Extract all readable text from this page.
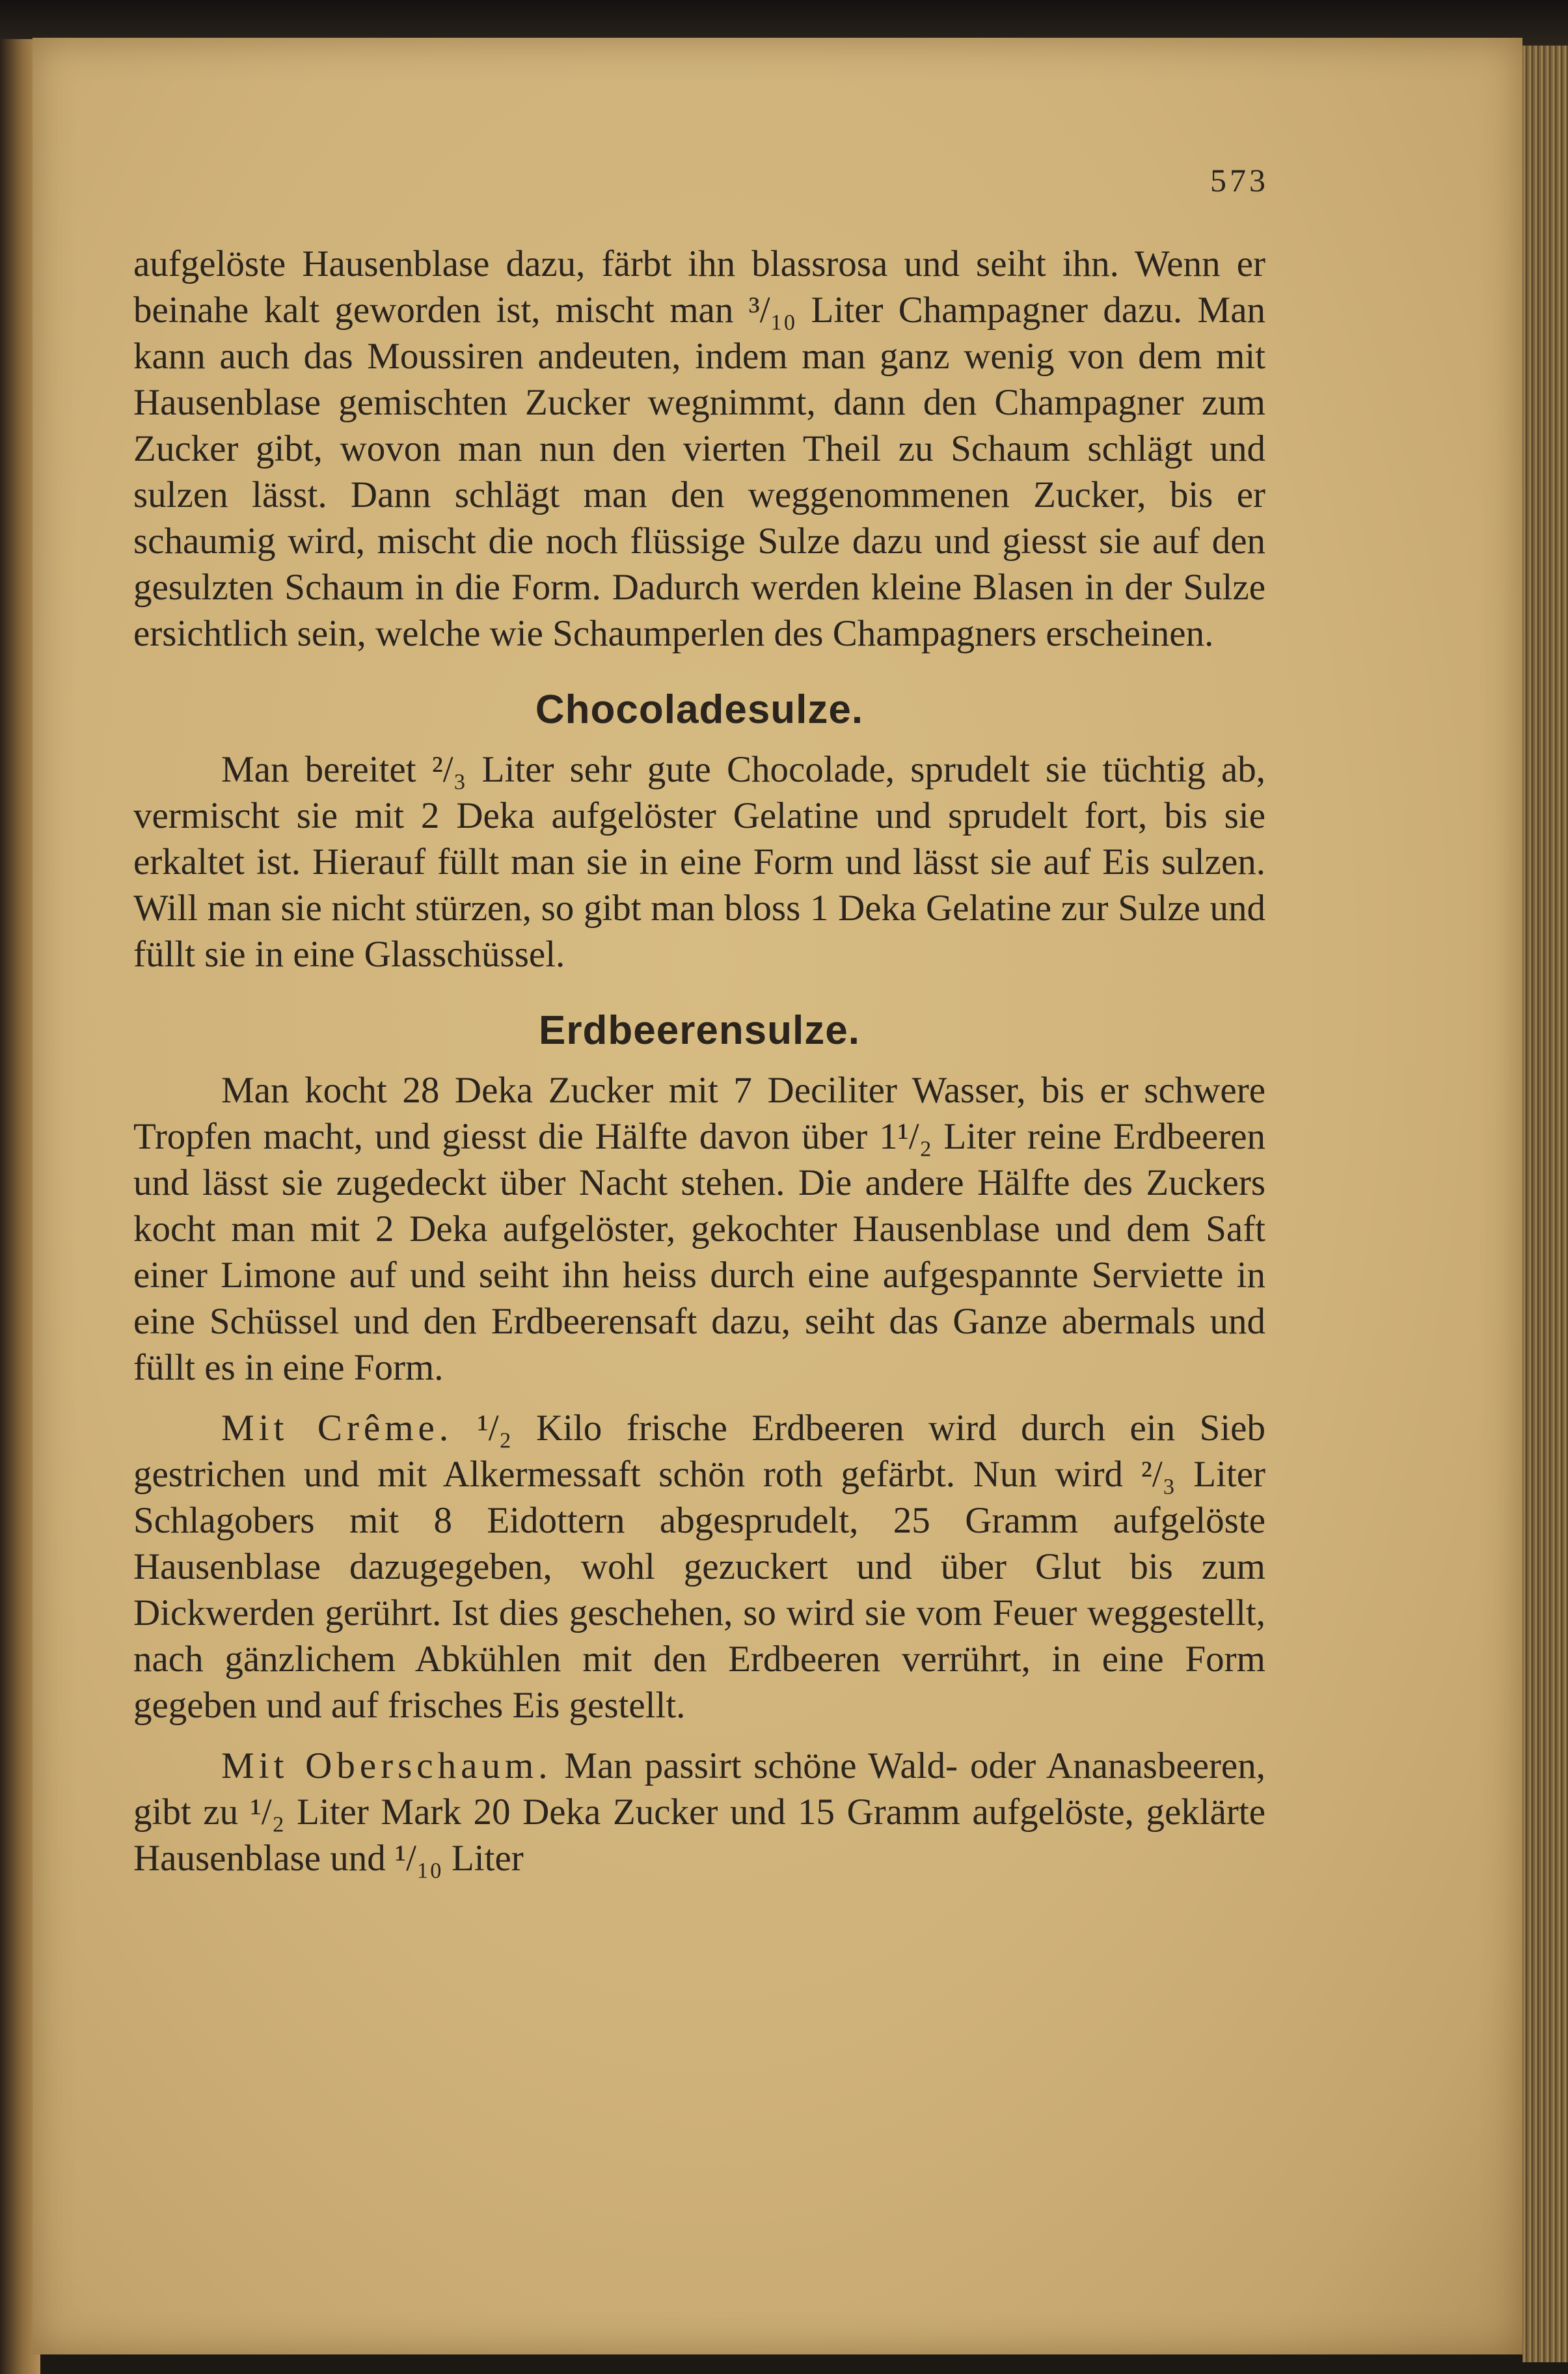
573

aufgelöste Hausenblase dazu, färbt ihn blassrosa und seiht ihn. Wenn er beinahe kalt geworden ist, mischt man ³/₁₀ Liter Champagner dazu. Man kann auch das Moussiren andeuten, indem man ganz wenig von dem mit Hausenblase gemischten Zucker wegnimmt, dann den Champagner zum Zucker gibt, wovon man nun den vierten Theil zu Schaum schlägt und sulzen lässt. Dann schlägt man den weggenommenen Zucker, bis er schaumig wird, mischt die noch flüssige Sulze dazu und giesst sie auf den gesulzten Schaum in die Form. Dadurch werden kleine Blasen in der Sulze ersichtlich sein, welche wie Schaumperlen des Champagners erscheinen.

Chocoladesulze.

Man bereitet ²/₃ Liter sehr gute Chocolade, sprudelt sie tüchtig ab, vermischt sie mit 2 Deka aufgelöster Gelatine und sprudelt fort, bis sie erkaltet ist. Hierauf füllt man sie in eine Form und lässt sie auf Eis sulzen. Will man sie nicht stürzen, so gibt man bloss 1 Deka Gelatine zur Sulze und füllt sie in eine Glasschüssel.

Erdbeerensulze.

Man kocht 28 Deka Zucker mit 7 Deciliter Wasser, bis er schwere Tropfen macht, und giesst die Hälfte davon über 1¹/₂ Liter reine Erdbeeren und lässt sie zugedeckt über Nacht stehen. Die andere Hälfte des Zuckers kocht man mit 2 Deka aufgelöster, gekochter Hausenblase und dem Saft einer Limone auf und seiht ihn heiss durch eine aufgespannte Serviette in eine Schüssel und den Erdbeerensaft dazu, seiht das Ganze abermals und füllt es in eine Form.

Mit Crême. ¹/₂ Kilo frische Erdbeeren wird durch ein Sieb gestrichen und mit Alkermessaft schön roth gefärbt. Nun wird ²/₃ Liter Schlagobers mit 8 Eidottern abgesprudelt, 25 Gramm aufgelöste Hausenblase dazugegeben, wohl gezuckert und über Glut bis zum Dickwerden gerührt. Ist dies geschehen, so wird sie vom Feuer weggestellt, nach gänzlichem Abkühlen mit den Erdbeeren verrührt, in eine Form gegeben und auf frisches Eis gestellt.

Mit Oberschaum. Man passirt schöne Wald- oder Ananasbeeren, gibt zu ¹/₂ Liter Mark 20 Deka Zucker und 15 Gramm aufgelöste, geklärte Hausenblase und ¹/₁₀ Liter
